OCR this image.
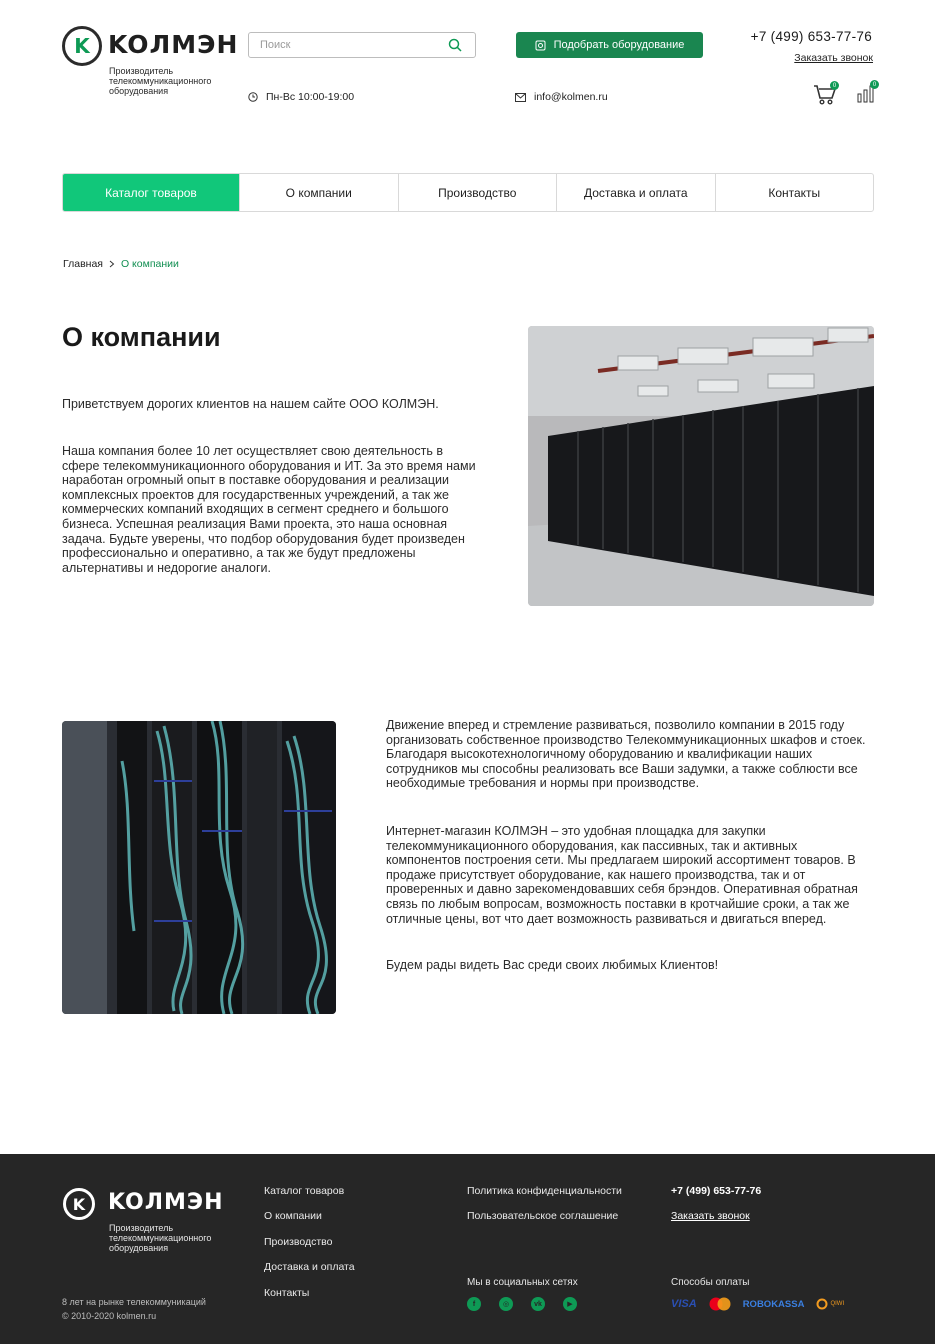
K KOЛMЭH
Производитель телекоммуникационного оборудования
Поиск
Подобрать оборудование
+7 (499) 653-77-76
Заказать звонок
Пн-Вс 10:00-19:00	info@kolmen.ru
0	0
Каталог товаров	О компании	Производство	Доставка и оплата	Контакты
Главная О компании
О компании

Приветствуем дорогих клиентов на нашем сайте ООО КОЛМЭН.

Наша компания более 10 лет осуществляет свою деятельность в сфере телекоммуникационного оборудования и ИТ. За это время нами наработан огромный опыт в поставке оборудования и реализации комплексных проектов для государственных учреждений, а так же коммерческих компаний входящих в сегмент среднего и большого бизнеса. Успешная реализация Вами проекта, это наша основная задача. Будьте уверены, что подбор оборудования будет произведен профессионально и оперативно, а так же будут предложены альтернативы и недорогие аналоги.

Движение вперед и стремление развиваться, позволило компании в 2015 году организовать собственное производство Телекоммуникационных шкафов и стоек. Благодаря высокотехнологичному оборудованию и квалификации наших сотрудников мы способны реализовать все Ваши задумки, а также соблюсти все необходимые требования и нормы при производстве.

Интернет-магазин КОЛМЭН – это удобная площадка для закупки телекоммуникационного оборудования, как пассивных, так и активных компонентов построения сети. Мы предлагаем широкий ассортимент товаров. В продаже присутствует оборудование, как нашего производства, так и от проверенных и давно зарекомендовавших себя брэндов. Оперативная обратная связь по любым вопросам, возможность поставки в кротчайшие сроки, а так же отличные цены, вот что дает возможность развиваться и двигаться вперед.

Будем рады видеть Вас среди своих любимых Клиентов!

K KOЛMЭH
Производитель телекоммуникационного оборудования
8 лет на рынке телекоммуникаций
© 2010-2020 kolmen.ru
Каталог товаров
О компании
Производство
Доставка и оплата
Контакты
Политика конфиденциальности
Пользовательское соглашение
+7 (499) 653-77-76
Заказать звонок
Мы в социальных сетях
f	◎	vk	▶
Способы оплаты
VISA	ROBOKASSA	QIWI
